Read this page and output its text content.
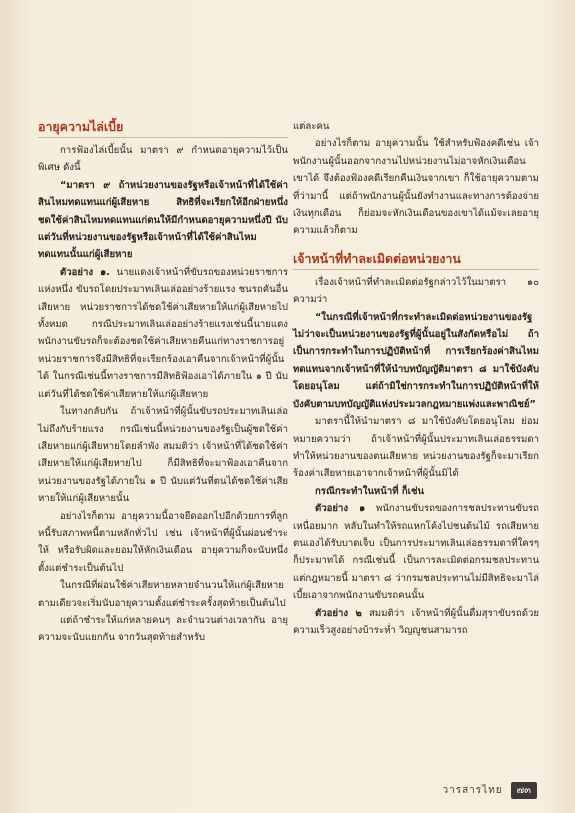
อายุความไล่เบี้ย

การฟ้องไล่เบี้ยนั้น มาตรา ๙ กำหนดอายุความไว้เป็นพิเศษ ดังนี้

“มาตรา ๙ ถ้าหน่วยงานของรัฐหรือเจ้าหน้าที่ได้ใช้ค่าสินไหมทดแทนแก่ผู้เสียหาย สิทธิที่จะเรียกให้อีกฝ่ายหนึ่งชดใช้ค่าสินไหมทดแทนแก่ตนให้มีกำหนดอายุความหนึ่งปี นับแต่วันที่หน่วยงานของรัฐหรือเจ้าหน้าที่ได้ใช้ค่าสินไหมทดแทนนั้นแก่ผู้เสียหาย

ตัวอย่าง ๑. นายแดงเจ้าหน้าที่ขับรถของหน่วยราชการแห่งหนึ่ง ขับรถโดยประมาทเลินเล่ออย่างร้ายแรง ชนรถคันอื่นเสียหาย หน่วยราชการได้ชดใช้ค่าเสียหายให้แก่ผู้เสียหายไปทั้งหมด กรณีประมาทเลินเล่ออย่างร้ายแรงเช่นนี้นายแดงพนักงานขับรถก็จะต้องชดใช้ค่าเสียหายคืนแก่ทางราชการอยู่ หน่วยราชการจึงมีสิทธิที่จะเรียกร้องเอาคืนจากเจ้าหน้าที่ผู้นั้นได้ ในกรณีเช่นนี้ทางราชการมีสิทธิฟ้องเอาได้ภายใน ๑ ปี นับแต่วันที่ได้ชดใช้ค่าเสียหายให้แก่ผู้เสียหาย

ในทางกลับกัน ถ้าเจ้าหน้าที่ผู้นั้นขับรถประมาทเลินเล่อไม่ถึงกับร้ายแรง กรณีเช่นนี้หน่วยงานของรัฐเป็นผู้ชดใช้ค่าเสียหายแก่ผู้เสียหายโดยลำพัง สมมติว่า เจ้าหน้าที่ได้ชดใช้ค่าเสียหายให้แก่ผู้เสียหายไป ก็มีสิทธิที่จะมาฟ้องเอาคืนจากหน่วยงานของรัฐได้ภายใน ๑ ปี นับแต่วันที่ตนได้ชดใช้ค่าเสียหายให้แก่ผู้เสียหายนั้น

อย่างไรก็ตาม อายุความนี้อาจยืดออกไปอีกด้วยการที่ลูกหนี้รับสภาพหนี้ตามหลักทั่วไป เช่น เจ้าหน้าที่ผู้นั้นผ่อนชำระให้ หรือรับผิดและยอมให้หักเงินเดือน อายุความก็จะนับหนึ่งตั้งแต่ชำระเป็นต้นไป

ในกรณีที่ผ่อนใช้ค่าเสียหายหลายจำนวนให้แก่ผู้เสียหายตามเดียวจะเริ่มนับอายุความตั้งแต่ชำระครั้งสุดท้ายเป็นต้นไป

แต่ถ้าชำระให้แก่หลายคนๆ ละจำนวนต่างเวลากัน อายุความจะนับแยกกัน จากวันสุดท้ายสำหรับ

แต่ละคน

อย่างไรก็ตาม อายุความนั้น ใช้สำหรับฟ้องคดีเช่น เจ้าพนักงานผู้นั้นออกจากงานไปหน่วยงานไม่อาจหักเงินเดือนเขาได้ จึงต้องฟ้องคดีเรียกคืนเงินจากเขา ก็ใช้อายุความตามที่ว่ามานี้ แต่ถ้าพนักงานผู้นั้นยังทำงานและทางการต้องจ่ายเงินทุกเดือน ก็ย่อมจะหักเงินเดือนของเขาได้แม้จะเลยอายุความแล้วก็ตาม

เจ้าหน้าที่ทำละเมิดต่อหน่วยงาน

เรื่องเจ้าหน้าที่ทำละเมิดต่อรัฐกล่าวไว้ในมาตรา ๑๐ ความว่า

“ในกรณีที่เจ้าหน้าที่กระทำละเมิดต่อหน่วยงานของรัฐไม่ว่าจะเป็นหน่วยงานของรัฐที่ผู้นั้นอยู่ในสังกัดหรือไม่ ถ้าเป็นการกระทำในการปฏิบัติหน้าที่ การเรียกร้องค่าสินไหมทดแทนจากเจ้าหน้าที่ให้นำบทบัญญัติมาตรา ๘ มาใช้บังคับโดยอนุโลม แต่ถ้ามิใช่การกระทำในการปฏิบัติหน้าที่ให้บังคับตามบทบัญญัติแห่งประมวลกฎหมายแพ่งและพาณิชย์”

มาตรานี้ให้นำมาตรา ๘ มาใช้บังคับโดยอนุโลม ย่อมหมายความว่า ถ้าเจ้าหน้าที่ผู้นั้นประมาทเลินเล่อธรรมดา ทำให้หน่วยงานของตนเสียหาย หน่วยงานของรัฐก็จะมาเรียกร้องค่าเสียหายเอาจากเจ้าหน้าที่ผู้นั้นมิได้

กรณีกระทำในหน้าที่ ก็เช่น

ตัวอย่าง ๑ พนักงานขับรถของการชลประทานขับรถเหนื่อยมาก หลับในทำให้รถแหกโค้งไปชนต้นไม้ รถเสียหาย ตนเองได้รับบาดเจ็บ เป็นการประมาทเลินเล่อธรรมดาที่ใครๆ ก็ประมาทได้ กรณีเช่นนี้ เป็นการละเมิดต่อกรมชลประทาน แต่กฎหมายนี้ มาตรา ๘ ว่ากรมชลประทานไม่มีสิทธิจะมาไล่เบี้ยเอาจากพนักงานขับรถคนนั้น

ตัวอย่าง ๒ สมมติว่า เจ้าหน้าที่ผู้นั้นดื่มสุราขับรถด้วยความเร็วสูงอย่างบ้าระห่ำ วิญญูชนสามารถ

วารสารไทย	๗๓
